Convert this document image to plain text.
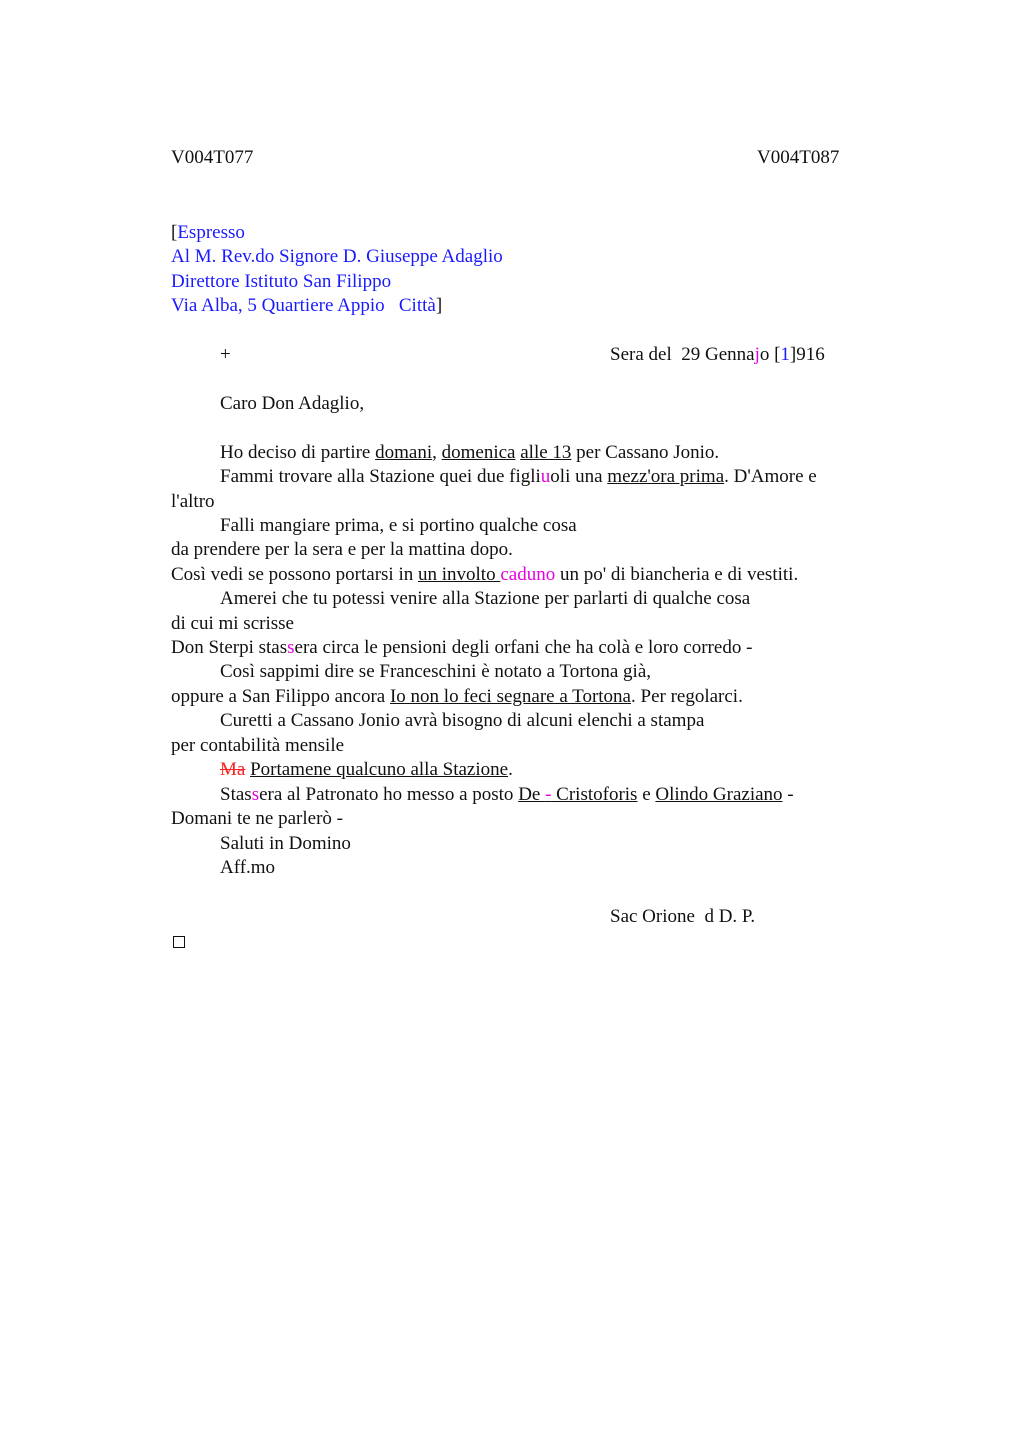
V004T077	V004T087

[Espresso

Al M. Rev.do Signore D. Giuseppe Adaglio

Direttore Istituto San Filippo

Via Alba, 5 Quartiere Appio   Città]

+	Sera del  29 Gennajo [1]916

Caro Don Adaglio,

Ho deciso di partire domani, domenica alle 13 per Cassano Jonio.

Fammi trovare alla Stazione quei due figliuoli una mezz'ora prima. D'Amore e

l'altro

Falli mangiare prima, e si portino qualche cosa

da prendere per la sera e per la mattina dopo.

Così vedi se possono portarsi in un involto caduno un po' di biancheria e di vestiti.

Amerei che tu potessi venire alla Stazione per parlarti di qualche cosa

di cui mi scrisse

Don Sterpi stassera circa le pensioni degli orfani che ha colà e loro corredo -

Così sappimi dire se Franceschini è notato a Tortona già,

oppure a San Filippo ancora Io non lo feci segnare a Tortona. Per regolarci.

Curetti a Cassano Jonio avrà bisogno di alcuni elenchi a stampa

per contabilità mensile

Ma Portamene qualcuno alla Stazione.

Stassera al Patronato ho messo a posto De - Cristoforis e Olindo Graziano -

Domani te ne parlerò -

Saluti in Domino

Aff.mo

Sac Orione  d D. P.
